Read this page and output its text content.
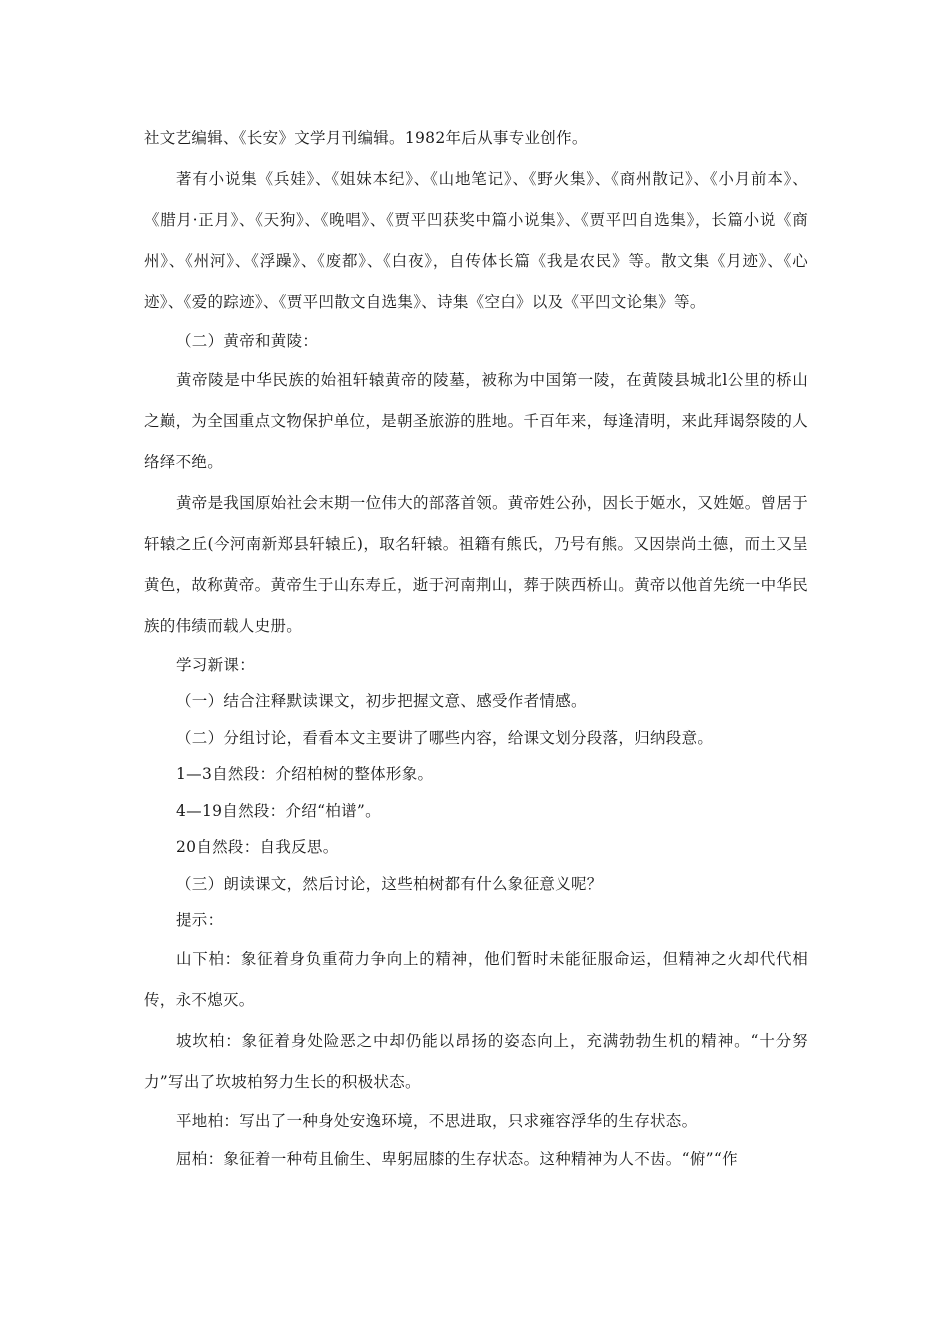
社文艺编辑、《长安》文学月刊编辑。1982年后从事专业创作。

著有小说集《兵娃》、《姐妹本纪》、《山地笔记》、《野火集》、《商州散记》、《小月前本》、《腊月·正月》、《天狗》、《晚唱》、《贾平凹获奖中篇小说集》、《贾平凹自选集》，长篇小说《商州》、《州河》、《浮躁》、《废都》、《白夜》，自传体长篇《我是农民》等。散文集《月迹》、《心迹》、《爱的踪迹》、《贾平凹散文自选集》、诗集《空白》以及《平凹文论集》等。

（二）黄帝和黄陵：

黄帝陵是中华民族的始祖轩辕黄帝的陵墓，被称为中国第一陵，在黄陵县城北l公里的桥山之巅，为全国重点文物保护单位，是朝圣旅游的胜地。千百年来，每逢清明，来此拜谒祭陵的人络绎不绝。

黄帝是我国原始社会末期一位伟大的部落首领。黄帝姓公孙，因长于姬水，又姓姬。曾居于轩辕之丘(今河南新郑县轩辕丘)，取名轩辕。祖籍有熊氏，乃号有熊。又因崇尚土德，而土又呈黄色，故称黄帝。黄帝生于山东寿丘，逝于河南荆山，葬于陕西桥山。黄帝以他首先统一中华民族的伟绩而载人史册。

学习新课：

（一）结合注释默读课文，初步把握文意、感受作者情感。

（二）分组讨论，看看本文主要讲了哪些内容，给课文划分段落，归纳段意。

1—3自然段：介绍柏树的整体形象。

4—19自然段：介绍“柏谱”。

20自然段：自我反思。

（三）朗读课文，然后讨论，这些柏树都有什么象征意义呢？

提示：

山下柏：象征着身负重荷力争向上的精神，他们暂时未能征服命运，但精神之火却代代相传，永不熄灭。

坡坎柏：象征着身处险恶之中却仍能以昂扬的姿态向上，充满勃勃生机的精神。“十分努力”写出了坎坡柏努力生长的积极状态。

平地柏：写出了一种身处安逸环境，不思进取，只求雍容浮华的生存状态。

屈柏：象征着一种苟且偷生、卑躬屈膝的生存状态。这种精神为人不齿。“俯”“作
